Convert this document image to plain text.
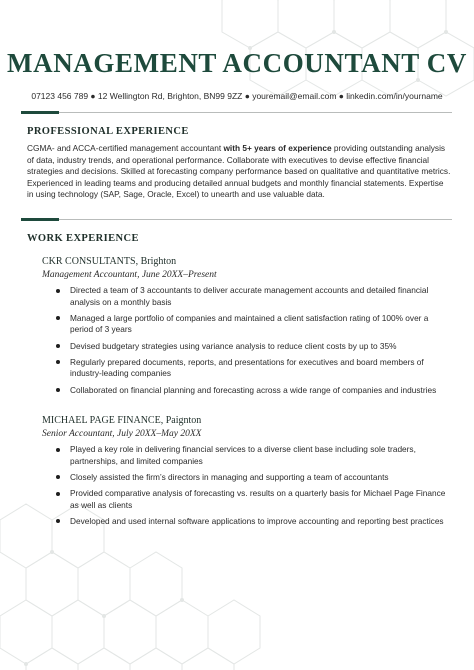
MANAGEMENT ACCOUNTANT CV
07123 456 789 ● 12 Wellington Rd, Brighton, BN99 9ZZ ● youremail@email.com ● linkedin.com/in/yourname
PROFESSIONAL EXPERIENCE
CGMA- and ACCA-certified management accountant with 5+ years of experience providing outstanding analysis of data, industry trends, and operational performance. Collaborate with executives to devise effective financial strategies and decisions. Skilled at forecasting company performance based on qualitative and quantitative metrics. Experienced in leading teams and producing detailed annual budgets and monthly financial statements. Expertise in using technology (SAP, Sage, Oracle, Excel) to unearth and use valuable data.
WORK EXPERIENCE
CKR CONSULTANTS, Brighton
Management Accountant, June 20XX–Present
Directed a team of 3 accountants to deliver accurate management accounts and detailed financial analysis on a monthly basis
Managed a large portfolio of companies and maintained a client satisfaction rating of 100% over a period of 3 years
Devised budgetary strategies using variance analysis to reduce client costs by up to 35%
Regularly prepared documents, reports, and presentations for executives and board members of industry-leading companies
Collaborated on financial planning and forecasting across a wide range of companies and industries
MICHAEL PAGE FINANCE, Paignton
Senior Accountant, July 20XX–May 20XX
Played a key role in delivering financial services to a diverse client base including sole traders, partnerships, and limited companies
Closely assisted the firm’s directors in managing and supporting a team of accountants
Provided comparative analysis of forecasting vs. results on a quarterly basis for Michael Page Finance as well as clients
Developed and used internal software applications to improve accounting and reporting best practices
